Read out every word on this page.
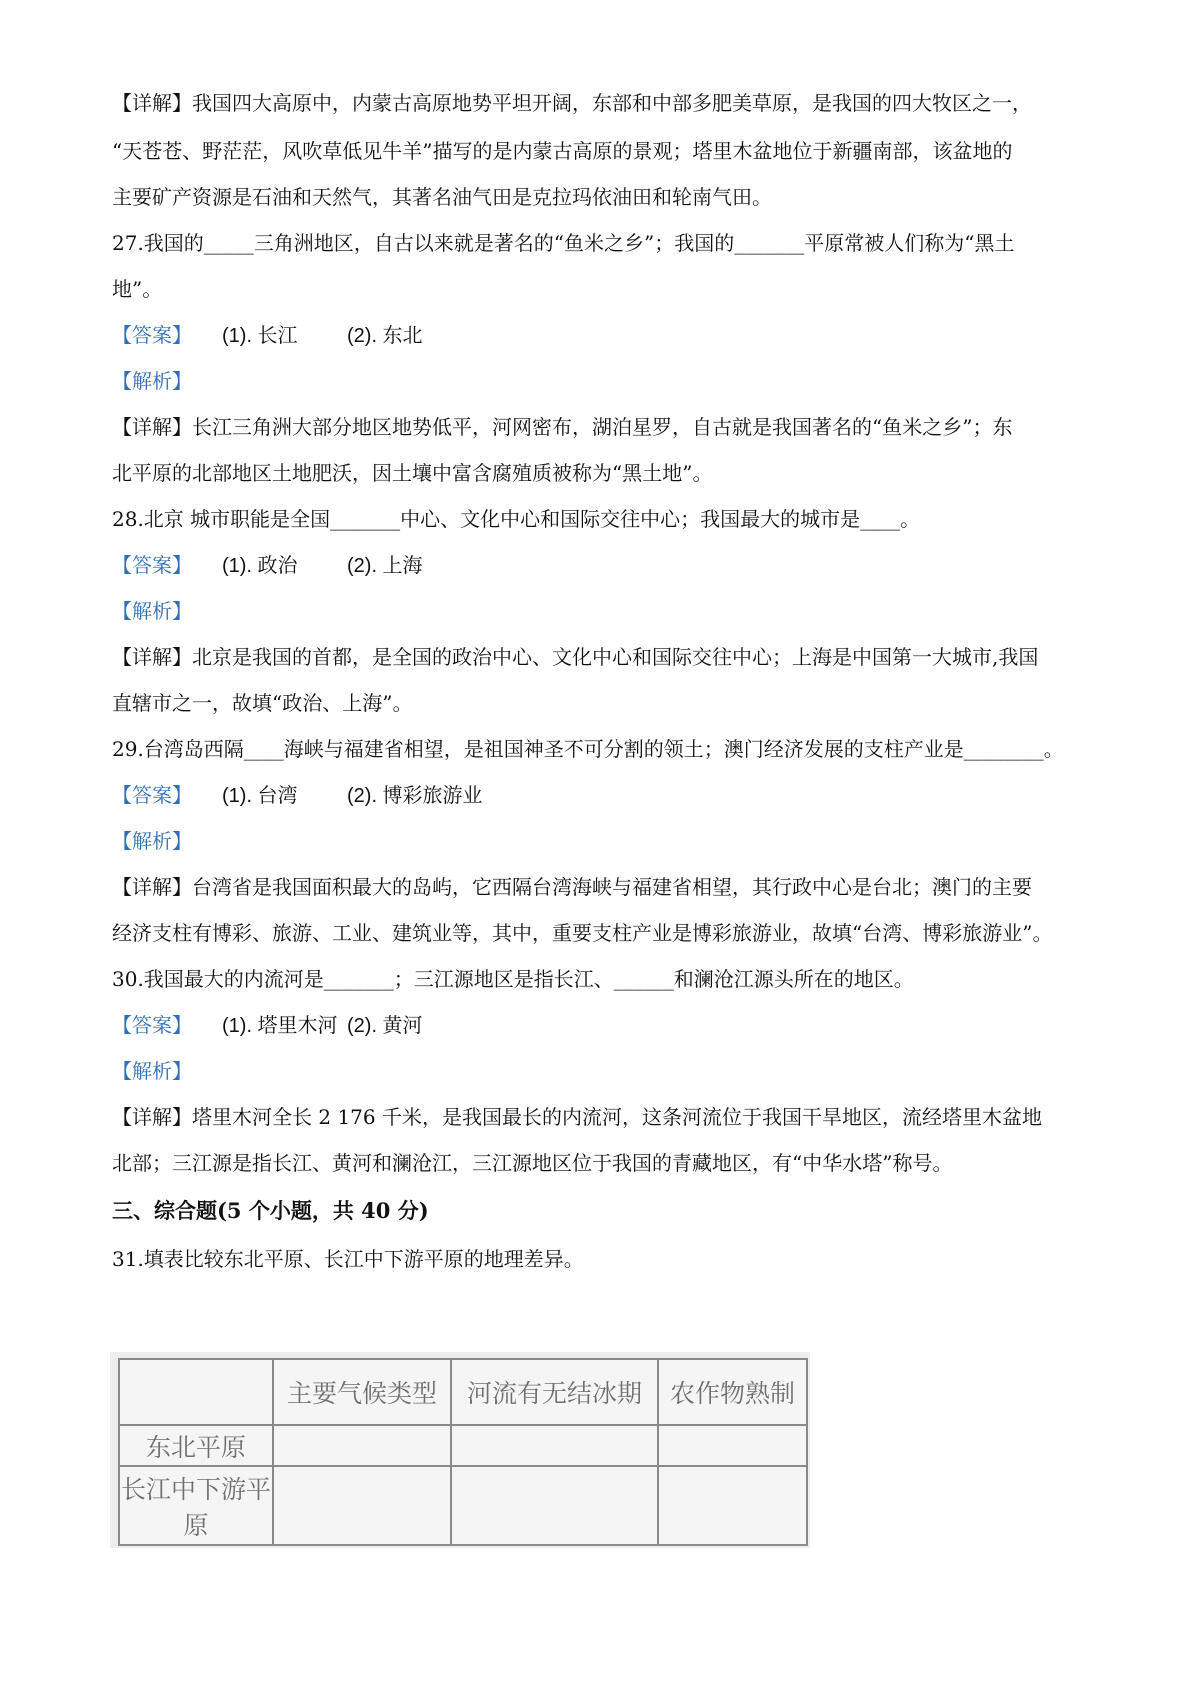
【详解】我国四大高原中，内蒙古高原地势平坦开阔，东部和中部多肥美草原，是我国的四大牧区之一，
“天苍苍、野茫茫，风吹草低见牛羊”描写的是内蒙古高原的景观；塔里木盆地位于新疆南部，该盆地的
主要矿产资源是石油和天然气，其著名油气田是克拉玛依油田和轮南气田。
27.我国的_____三角洲地区，自古以来就是著名的“鱼米之乡”；我国的_______平原常被人们称为“黑土
地”。
【答案】 (1). 长江 (2). 东北
【解析】
【详解】长江三角洲大部分地区地势低平，河网密布，湖泊星罗，自古就是我国著名的“鱼米之乡”；东
北平原的北部地区土地肥沃，因土壤中富含腐殖质被称为“黑土地”。
28.北京 城市职能是全国_______中心、文化中心和国际交往中心；我国最大的城市是____。
【答案】 (1). 政治 (2). 上海
【解析】
【详解】北京是我国的首都，是全国的政治中心、文化中心和国际交往中心；上海是中国第一大城市,我国
直辖市之一，故填“政治、上海”。
29.台湾岛西隔____海峡与福建省相望，是祖国神圣不可分割的领土；澳门经济发展的支柱产业是________。
【答案】 (1). 台湾 (2). 博彩旅游业
【解析】
【详解】台湾省是我国面积最大的岛屿，它西隔台湾海峡与福建省相望，其行政中心是台北；澳门的主要
经济支柱有博彩、旅游、工业、建筑业等，其中，重要支柱产业是博彩旅游业，故填“台湾、博彩旅游业”。
30.我国最大的内流河是_______；三江源地区是指长江、______和澜沧江源头所在的地区。
【答案】 (1). 塔里木河 (2). 黄河
【解析】
【详解】塔里木河全长 2 176 千米，是我国最长的内流河，这条河流位于我国干旱地区，流经塔里木盆地
北部；三江源是指长江、黄河和澜沧江，三江源地区位于我国的青藏地区，有“中华水塔”称号。
三、综合题(5 个小题，共 40 分)
31.填表比较东北平原、长江中下游平原的地理差异。
	主要气候类型	河流有无结冰期	农作物熟制
东北平原			
长江中下游平原			
